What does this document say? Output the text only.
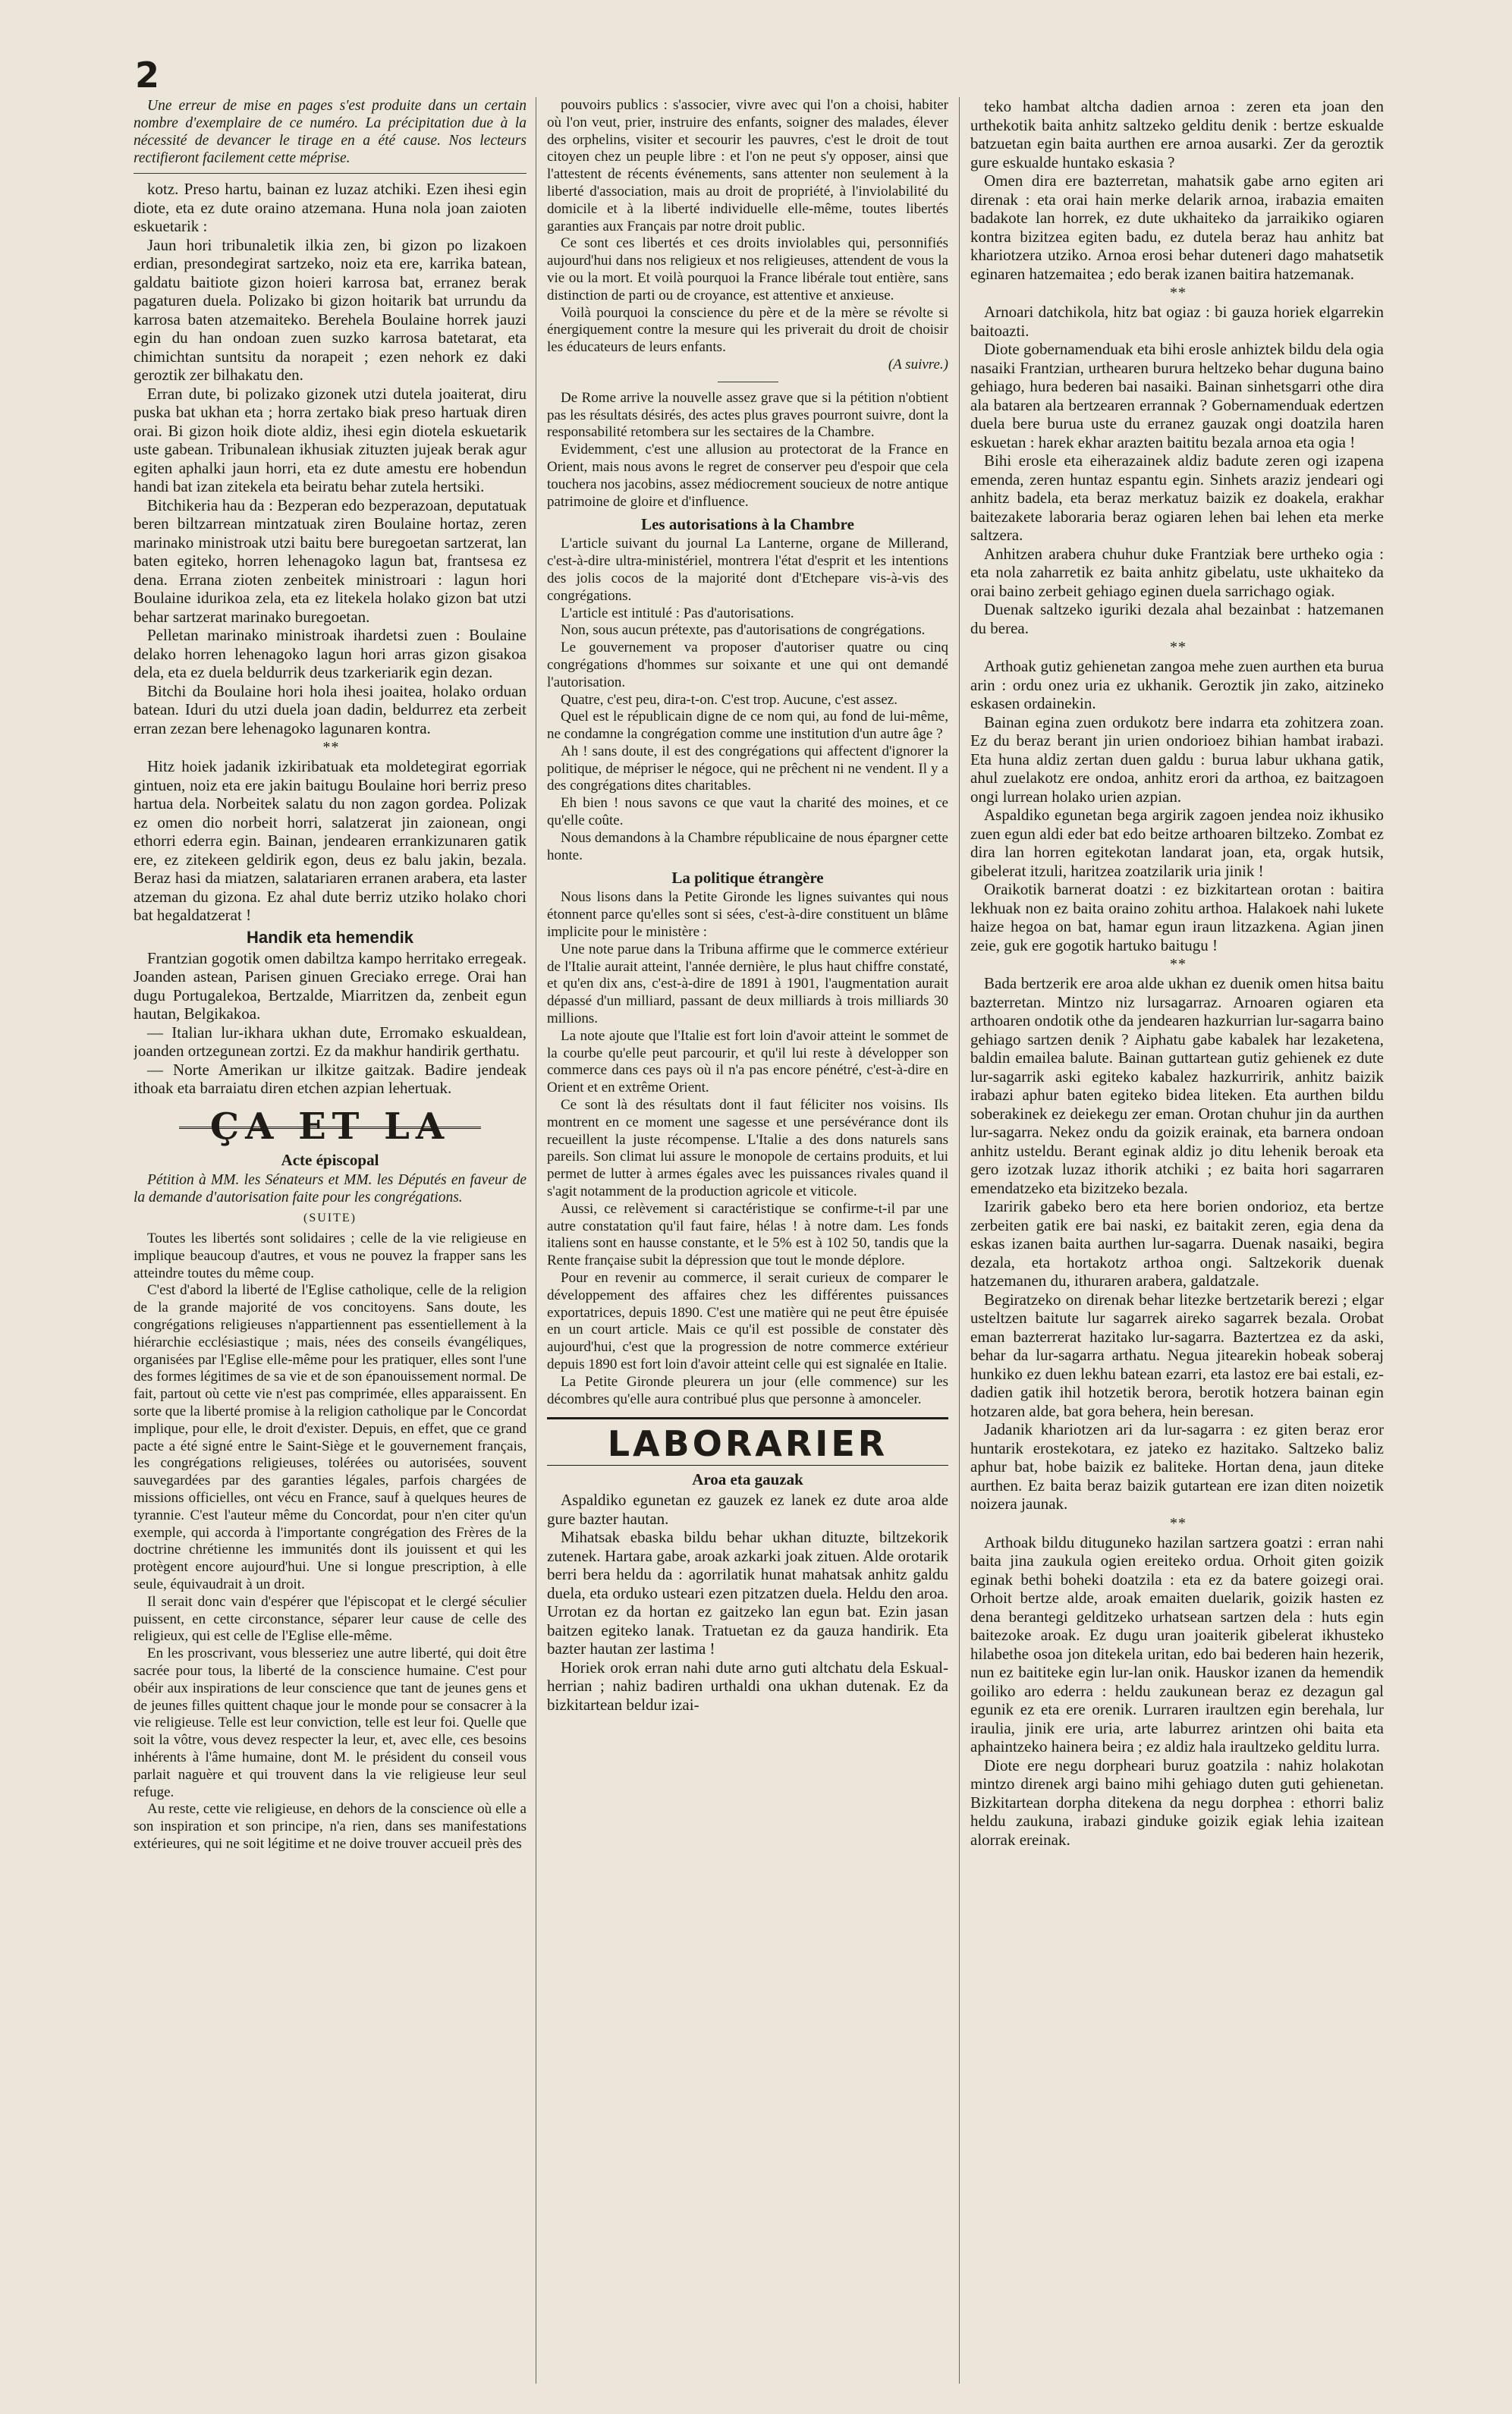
2

Une erreur de mise en pages s'est produite dans un certain nombre d'exemplaire de ce numéro. La précipitation due à la nécessité de devancer le tirage en a été cause. Nos lecteurs rectifieront facilement cette méprise.

kotz. Preso hartu, bainan ez luzaz atchiki. Ezen ihesi egin diote, eta ez dute oraino atzemana. Huna nola joan zaioten eskuetarik :

Jaun hori tribunaletik ilkia zen, bi gizon po lizakoen erdian, presondegirat sartzeko, noiz eta ere, karrika batean, galdatu baitiote gizon hoieri karrosa bat, erranez berak pagaturen duela. Polizako bi gizon hoitarik bat urrundu da karrosa baten atzemaiteko. Berehela Boulaine horrek jauzi egin du han ondoan zuen suzko karrosa batetarat, eta chimichtan suntsitu da norapeit ; ezen nehork ez daki geroztik zer bilhakatu den.

Erran dute, bi polizako gizonek utzi dutela joaiterat, diru puska bat ukhan eta ; horra zertako biak preso hartuak diren orai. Bi gizon hoik diote aldiz, ihesi egin diotela eskuetarik uste gabean. Tribunalean ikhusiak zituzten jujeak berak agur egiten aphalki jaun horri, eta ez dute amestu ere hobendun handi bat izan zitekela eta beiratu behar zutela hertsiki.

Bitchikeria hau da : Bezperan edo bezperazoan, deputatuak beren biltzarrean mintzatuak ziren Boulaine hortaz, zeren marinako ministroak utzi baitu bere buregoetan sartzerat, lan baten egiteko, horren lehenagoko lagun bat, frantsesa ez dena. Errana zioten zenbeitek ministroari : lagun hori Boulaine idurikoa zela, eta ez litekela holako gizon bat utzi behar sartzerat marinako buregoetan.

Pelletan marinako ministroak ihardetsi zuen : Boulaine delako horren lehenagoko lagun hori arras gizon gisakoa dela, eta ez duela beldurrik deus tzarkeriarik egin dezan.

Bitchi da Boulaine hori hola ihesi joaitea, holako orduan batean. Iduri du utzi duela joan dadin, beldurrez eta zerbeit erran zezan bere lehenagoko lagunaren kontra.

* *

Hitz hoiek jadanik izkiribatuak eta moldetegirat egorriak gintuen, noiz eta ere jakin baitugu Boulaine hori berriz preso hartua dela. Norbeitek salatu du non zagon gordea. Polizak ez omen dio norbeit horri, salatzerat jin zaionean, ongi ethorri ederra egin. Bainan, jendearen errankizunaren gatik ere, ez zitekeen geldirik egon, deus ez balu jakin, bezala. Beraz hasi da miatzen, salatariaren erranen arabera, eta laster atzeman du gizona. Ez ahal dute berriz utziko holako chori bat hegaldatzerat !

Handik eta hemendik

Frantzian gogotik omen dabiltza kampo herritako erregeak. Joanden astean, Parisen ginuen Greciako errege. Orai han dugu Portugalekoa, Bertzalde, Miarritzen da, zenbeit egun hautan, Belgikakoa.

— Italian lur-ikhara ukhan dute, Erromako eskualdean, joanden ortzegunean zortzi. Ez da makhur handirik gerthatu.

— Norte Amerikan ur ilkitze gaitzak. Badire jendeak ithoak eta barraiatu diren etchen azpian lehertuak.

ÇA ET LA
Acte épiscopal

Pétition à MM. les Sénateurs et MM. les Députés en faveur de la demande d'autorisation faite pour les congrégations.

(SUITE)

Toutes les libertés sont solidaires ; celle de la vie religieuse en implique beaucoup d'autres, et vous ne pouvez la frapper sans les atteindre toutes du même coup.

C'est d'abord la liberté de l'Eglise catholique, celle de la religion de la grande majorité de vos concitoyens. Sans doute, les congrégations religieuses n'appartiennent pas essentiellement à la hiérarchie ecclésiastique ; mais, nées des conseils évangéliques, organisées par l'Eglise elle-même pour les pratiquer, elles sont l'une des formes légitimes de sa vie et de son épanouissement normal. De fait, partout où cette vie n'est pas comprimée, elles apparaissent. En sorte que la liberté promise à la religion catholique par le Concordat implique, pour elle, le droit d'exister. Depuis, en effet, que ce grand pacte a été signé entre le Saint-Siège et le gouvernement français, les congrégations religieuses, tolérées ou autorisées, souvent sauvegardées par des garanties légales, parfois chargées de missions officielles, ont vécu en France, sauf à quelques heures de tyrannie. C'est l'auteur même du Concordat, pour n'en citer qu'un exemple, qui accorda à l'importante congrégation des Frères de la doctrine chrétienne les immunités dont ils jouissent et qui les protègent encore aujourd'hui. Une si longue prescription, à elle seule, équivaudrait à un droit.

Il serait donc vain d'espérer que l'épiscopat et le clergé séculier puissent, en cette circonstance, séparer leur cause de celle des religieux, qui est celle de l'Eglise elle-même.

En les proscrivant, vous blesseriez une autre liberté, qui doit être sacrée pour tous, la liberté de la conscience humaine. C'est pour obéir aux inspirations de leur conscience que tant de jeunes gens et de jeunes filles quittent chaque jour le monde pour se consacrer à la vie religieuse. Telle est leur conviction, telle est leur foi. Quelle que soit la vôtre, vous devez respecter la leur, et, avec elle, ces besoins inhérents à l'âme humaine, dont M. le président du conseil vous parlait naguère et qui trouvent dans la vie religieuse leur seul refuge.

Au reste, cette vie religieuse, en dehors de la conscience où elle a son inspiration et son principe, n'a rien, dans ses manifestations extérieures, qui ne soit légitime et ne doive trouver accueil près des

pouvoirs publics : s'associer, vivre avec qui l'on a choisi, habiter où l'on veut, prier, instruire des enfants, soigner des malades, élever des orphelins, visiter et secourir les pauvres, c'est le droit de tout citoyen chez un peuple libre : et l'on ne peut s'y opposer, ainsi que l'attestent de récents événements, sans attenter non seulement à la liberté d'association, mais au droit de propriété, à l'inviolabilité du domicile et à la liberté individuelle elle-même, toutes libertés garanties aux Français par notre droit public.

Ce sont ces libertés et ces droits inviolables qui, personnifiés aujourd'hui dans nos religieux et nos religieuses, attendent de vous la vie ou la mort. Et voilà pourquoi la France libérale tout entière, sans distinction de parti ou de croyance, est attentive et anxieuse.

Voilà pourquoi la conscience du père et de la mère se révolte si énergiquement contre la mesure qui les priverait du droit de choisir les éducateurs de leurs enfants.

(A suivre.)

De Rome arrive la nouvelle assez grave que si la pétition n'obtient pas les résultats désirés, des actes plus graves pourront suivre, dont la responsabilité retombera sur les sectaires de la Chambre.

Evidemment, c'est une allusion au protectorat de la France en Orient, mais nous avons le regret de conserver peu d'espoir que cela touchera nos jacobins, assez médiocrement soucieux de notre antique patrimoine de gloire et d'influence.

Les autorisations à la Chambre

L'article suivant du journal La Lanterne, organe de Millerand, c'est-à-dire ultra-ministériel, montrera l'état d'esprit et les intentions des jolis cocos de la majorité dont d'Etchepare vis-à-vis des congrégations.

L'article est intitulé : Pas d'autorisations.

Non, sous aucun prétexte, pas d'autorisations de congrégations.

Le gouvernement va proposer d'autoriser quatre ou cinq congrégations d'hommes sur soixante et une qui ont demandé l'autorisation.

Quatre, c'est peu, dira-t-on. C'est trop. Aucune, c'est assez.

Quel est le républicain digne de ce nom qui, au fond de lui-même, ne condamne la congrégation comme une institution d'un autre âge ?

Ah ! sans doute, il est des congrégations qui affectent d'ignorer la politique, de mépriser le négoce, qui ne prêchent ni ne vendent. Il y a des congrégations dites charitables.

Eh bien ! nous savons ce que vaut la charité des moines, et ce qu'elle coûte.

Nous demandons à la Chambre républicaine de nous épargner cette honte.

La politique étrangère

Nous lisons dans la Petite Gironde les lignes suivantes qui nous étonnent parce qu'elles sont si sées, c'est-à-dire constituent un blâme implicite pour le ministère :

Une note parue dans la Tribuna affirme que le commerce extérieur de l'Italie aurait atteint, l'année dernière, le plus haut chiffre constaté, et qu'en dix ans, c'est-à-dire de 1891 à 1901, l'augmentation aurait dépassé d'un milliard, passant de deux milliards à trois milliards 30 millions.

La note ajoute que l'Italie est fort loin d'avoir atteint le sommet de la courbe qu'elle peut parcourir, et qu'il lui reste à développer son commerce dans ces pays où il n'a pas encore pénétré, c'est-à-dire en Orient et en extrême Orient.

Ce sont là des résultats dont il faut féliciter nos voisins. Ils montrent en ce moment une sagesse et une persévérance dont ils recueillent la juste récompense. L'Italie a des dons naturels sans pareils. Son climat lui assure le monopole de certains produits, et lui permet de lutter à armes égales avec les puissances rivales quand il s'agit notamment de la production agricole et viticole.

Aussi, ce relèvement si caractéristique se confirme-t-il par une autre constatation qu'il faut faire, hélas ! à notre dam. Les fonds italiens sont en hausse constante, et le 5% est à 102 50, tandis que la Rente française subit la dépression que tout le monde déplore.

Pour en revenir au commerce, il serait curieux de comparer le développement des affaires chez les différentes puissances exportatrices, depuis 1890. C'est une matière qui ne peut être épuisée en un court article. Mais ce qu'il est possible de constater dès aujourd'hui, c'est que la progression de notre commerce extérieur depuis 1890 est fort loin d'avoir atteint celle qui est signalée en Italie.

La Petite Gironde pleurera un jour (elle commence) sur les décombres qu'elle aura contribué plus que personne à amonceler.

LABORARIER
Aroa eta gauzak

Aspaldiko egunetan ez gauzek ez lanek ez dute aroa alde gure bazter hautan.

Mihatsak ebaska bildu behar ukhan dituzte, biltzekorik zutenek. Hartara gabe, aroak azkarki joak zituen. Alde orotarik berri bera heldu da : agorrilatik hunat mahatsak anhitz galdu duela, eta orduko usteari ezen pitzatzen duela. Heldu den aroa. Urrotan ez da hortan ez gaitzeko lan egun bat. Ezin jasan baitzen egiteko lanak. Tratuetan ez da gauza handirik. Eta bazter hautan zer lastima !

Horiek orok erran nahi dute arno guti altchatu dela Eskual-herrian ; nahiz badiren urthaldi ona ukhan dutenak. Ez da bizkitartean beldur izai-

teko hambat altcha dadien arnoa : zeren eta joan den urthekotik baita anhitz saltzeko gelditu denik : bertze eskualde batzuetan egin baita aurthen ere arnoa ausarki. Zer da geroztik gure eskualde huntako eskasia ?

Omen dira ere bazterretan, mahatsik gabe arno egiten ari direnak : eta orai hain merke delarik arnoa, irabazia emaiten badakote lan horrek, ez dute ukhaiteko da jarraikiko ogiaren kontra bizitzea egiten badu, ez dutela beraz hau anhitz bat khariotzera utziko. Arnoa erosi behar duteneri dago mahatsetik eginaren hatzemaitea ; edo berak izanen baitira hatzemanak.

* *

Arnoari datchikola, hitz bat ogiaz : bi gauza horiek elgarrekin baitoazti.

Diote gobernamenduak eta bihi erosle anhiztek bildu dela ogia nasaiki Frantzian, urthearen burura heltzeko behar duguna baino gehiago, hura bederen bai nasaiki. Bainan sinhetsgarri othe dira ala bataren ala bertzearen errannak ? Gobernamenduak edertzen duela bere burua uste du erranez gauzak ongi doatzila haren eskuetan : harek ekhar arazten baititu bezala arnoa eta ogia !

Bihi erosle eta eiherazainek aldiz badute zeren ogi izapena emenda, zeren huntaz espantu egin. Sinhets araziz jendeari ogi anhitz badela, eta beraz merkatuz baizik ez doakela, erakhar baitezakete laboraria beraz ogiaren lehen bai lehen eta merke saltzera.

Anhitzen arabera chuhur duke Frantziak bere urtheko ogia : eta nola zaharretik ez baita anhitz gibelatu, uste ukhaiteko da orai baino zerbeit gehiago eginen duela sarrichago ogiak.

Duenak saltzeko iguriki dezala ahal bezainbat : hatzemanen du berea.

* *

Arthoak gutiz gehienetan zangoa mehe zuen aurthen eta burua arin : ordu onez uria ez ukhanik. Geroztik jin zako, aitzineko eskasen ordainekin.

Bainan egina zuen ordukotz bere indarra eta zohitzera zoan. Ez du beraz berant jin urien ondorioez bihian hambat irabazi. Eta huna aldiz zertan duen galdu : burua labur ukhana gatik, ahul zuelakotz ere ondoa, anhitz erori da arthoa, ez baitzagoen ongi lurrean holako urien azpian.

Aspaldiko egunetan bega argirik zagoen jendea noiz ikhusiko zuen egun aldi eder bat edo beitze arthoaren biltzeko. Zombat ez dira lan horren egitekotan landarat joan, eta, orgak hutsik, gibelerat itzuli, haritzea zoatzilarik uria jinik !

Oraikotik barnerat doatzi : ez bizkitartean orotan : baitira lekhuak non ez baita oraino zohitu arthoa. Halakoek nahi lukete haize hegoa on bat, hamar egun iraun litzazkena. Agian jinen zeie, guk ere gogotik hartuko baitugu !

* *

Bada bertzerik ere aroa alde ukhan ez duenik omen hitsa baitu bazterretan. Mintzo niz lursagarraz. Arnoaren ogiaren eta arthoaren ondotik othe da jendearen hazkurrian lur-sagarra baino gehiago sartzen denik ? Aiphatu gabe kabalek har lezaketena, baldin emailea balute. Bainan guttartean gutiz gehienek ez dute lur-sagarrik aski egiteko kabalez hazkurririk, anhitz baizik irabazi aphur baten egiteko bidea liteken. Eta aurthen bildu soberakinek ez deiekegu zer eman. Orotan chuhur jin da aurthen lur-sagarra. Nekez ondu da goizik erainak, eta barnera ondoan anhitz usteldu. Berant eginak aldiz jo ditu lehenik beroak eta gero izotzak luzaz ithorik atchiki ; ez baita hori sagarraren emendatzeko eta bizitzeko bezala.

Izaririk gabeko bero eta here borien ondorioz, eta bertze zerbeiten gatik ere bai naski, ez baitakit zeren, egia dena da eskas izanen baita aurthen lur-sagarra. Duenak nasaiki, begira dezala, eta hortakotz arthoa ongi. Saltzekorik duenak hatzemanen du, ithuraren arabera, galdatzale.

Begiratzeko on direnak behar litezke bertzetarik berezi ; elgar usteltzen baitute lur sagarrek aireko sagarrek bezala. Orobat eman bazterrerat hazitako lur-sagarra. Baztertzea ez da aski, behar da lur-sagarra arthatu. Negua jitearekin hobeak soberaj hunkiko ez duen lekhu batean ezarri, eta lastoz ere bai estali, ez-dadien gatik ihil hotzetik berora, berotik hotzera bainan egin hotzaren alde, bat gora behera, hein beresan.

Jadanik khariotzen ari da lur-sagarra : ez giten beraz eror huntarik erostekotara, ez jateko ez hazitako. Saltzeko baliz aphur bat, hobe baizik ez baliteke. Hortan dena, jaun diteke aurthen. Ez baita beraz baizik gutartean ere izan diten noizetik noizera jaunak.

* *

Arthoak bildu dituguneko hazilan sartzera goatzi : erran nahi baita jina zaukula ogien ereiteko ordua. Orhoit giten goizik eginak bethi boheki doatzila : eta ez da batere goizegi orai. Orhoit bertze alde, aroak emaiten duelarik, goizik hasten ez dena berantegi gelditzeko urhatsean sartzen dela : huts egin baitezoke aroak. Ez dugu uran joaiterik gibelerat ikhusteko hilabethe osoa jon ditekela uritan, edo bai bederen hain hezerik, nun ez baititeke egin lur-lan onik. Hauskor izanen da hemendik goiliko aro ederra : heldu zaukunean beraz ez dezagun gal egunik ez eta ere orenik. Lurraren iraultzen egin berehala, lur iraulia, jinik ere uria, arte laburrez arintzen ohi baita eta aphaintzeko hainera beira ; ez aldiz hala iraultzeko gelditu lurra.

Diote ere negu dorpheari buruz goatzila : nahiz holakotan mintzo direnek argi baino mihi gehiago duten guti gehienetan. Bizkitartean dorpha ditekena da negu dorphea : ethorri baliz heldu zaukuna, irabazi ginduke goizik egiak lehia izaitean alorrak ereinak.
